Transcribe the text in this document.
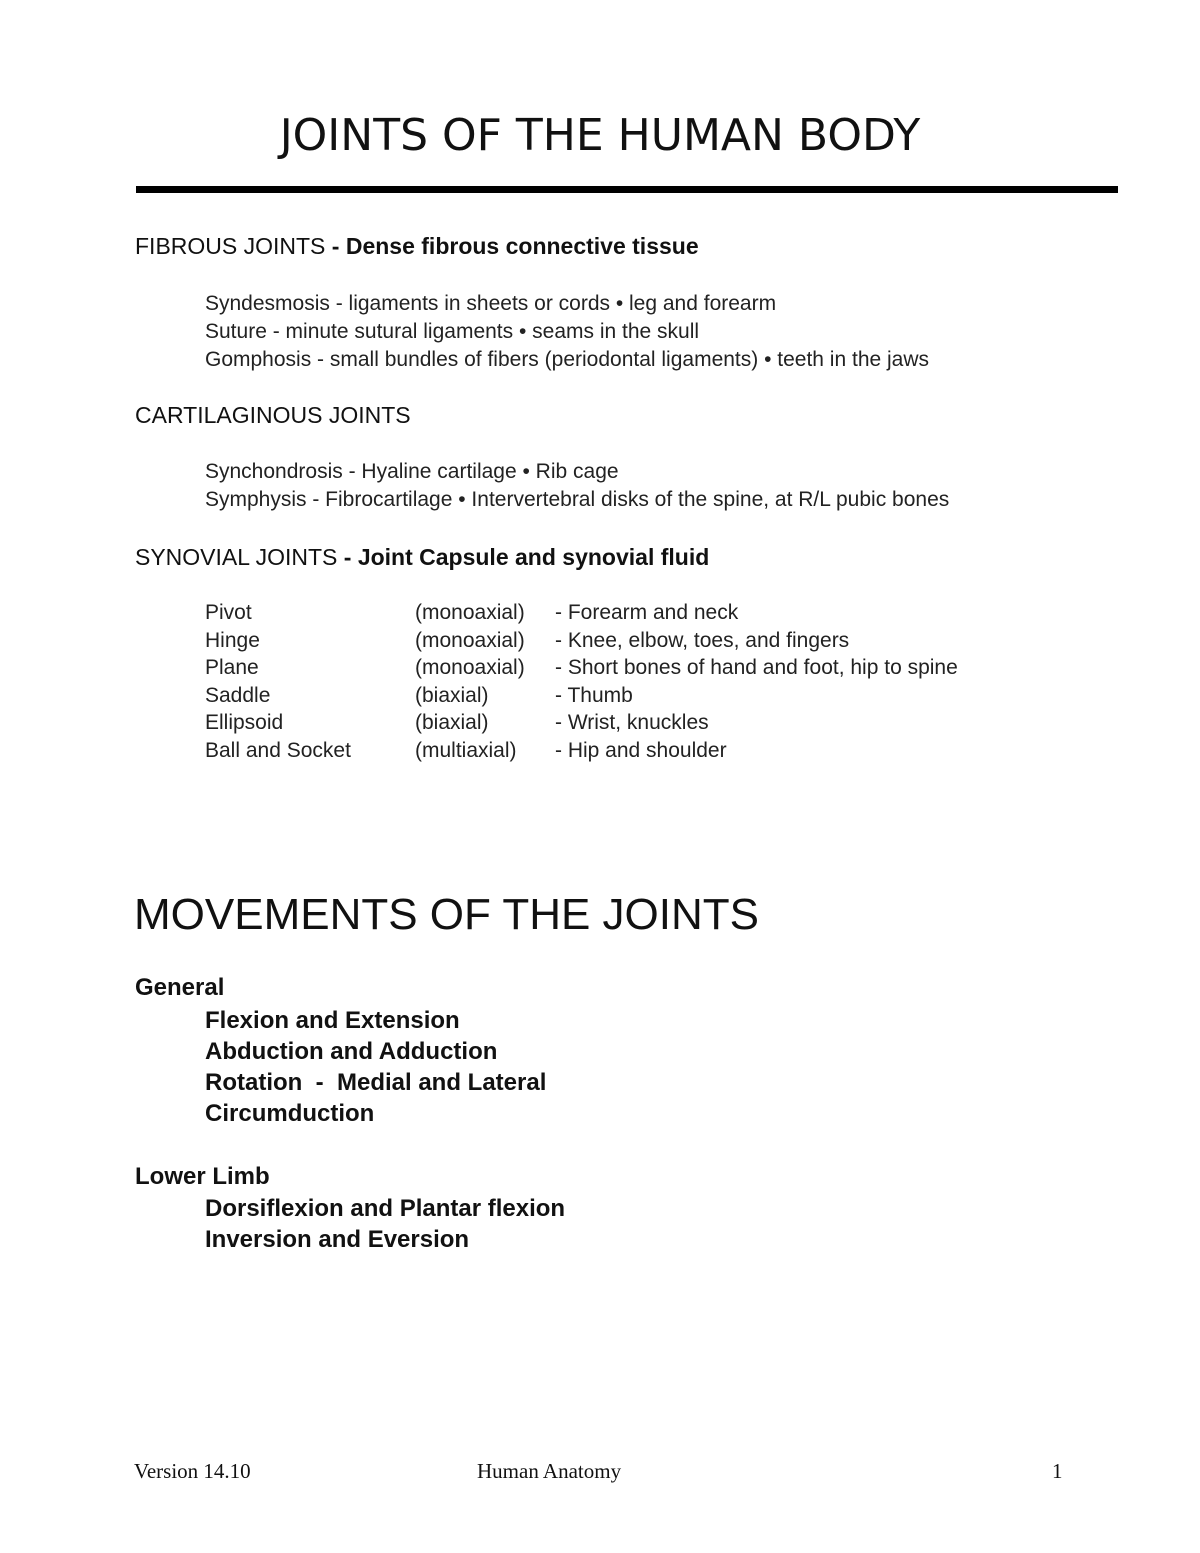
JOINTS OF THE HUMAN BODY
FIBROUS JOINTS - Dense fibrous connective tissue
Syndesmosis - ligaments in sheets or cords • leg and forearm
Suture - minute sutural ligaments • seams in the skull
Gomphosis - small bundles of fibers (periodontal ligaments) • teeth in the jaws
CARTILAGINOUS JOINTS
Synchondrosis - Hyaline cartilage • Rib cage
Symphysis - Fibrocartilage • Intervertebral disks of the spine, at R/L pubic bones
SYNOVIAL JOINTS - Joint Capsule and synovial fluid
Pivot	(monoaxial)	- Forearm and neck
Hinge	(monoaxial)	- Knee, elbow, toes, and fingers
Plane	(monoaxial)	- Short bones of hand and foot, hip to spine
Saddle	(biaxial)	- Thumb
Ellipsoid	(biaxial)	- Wrist, knuckles
Ball and Socket	(multiaxial)	- Hip and shoulder
MOVEMENTS OF THE JOINTS
General
Flexion and Extension
Abduction and Adduction
Rotation  -  Medial and Lateral
Circumduction
Lower Limb
Dorsiflexion and Plantar flexion
Inversion and Eversion
Version 14.10	Human Anatomy	1
